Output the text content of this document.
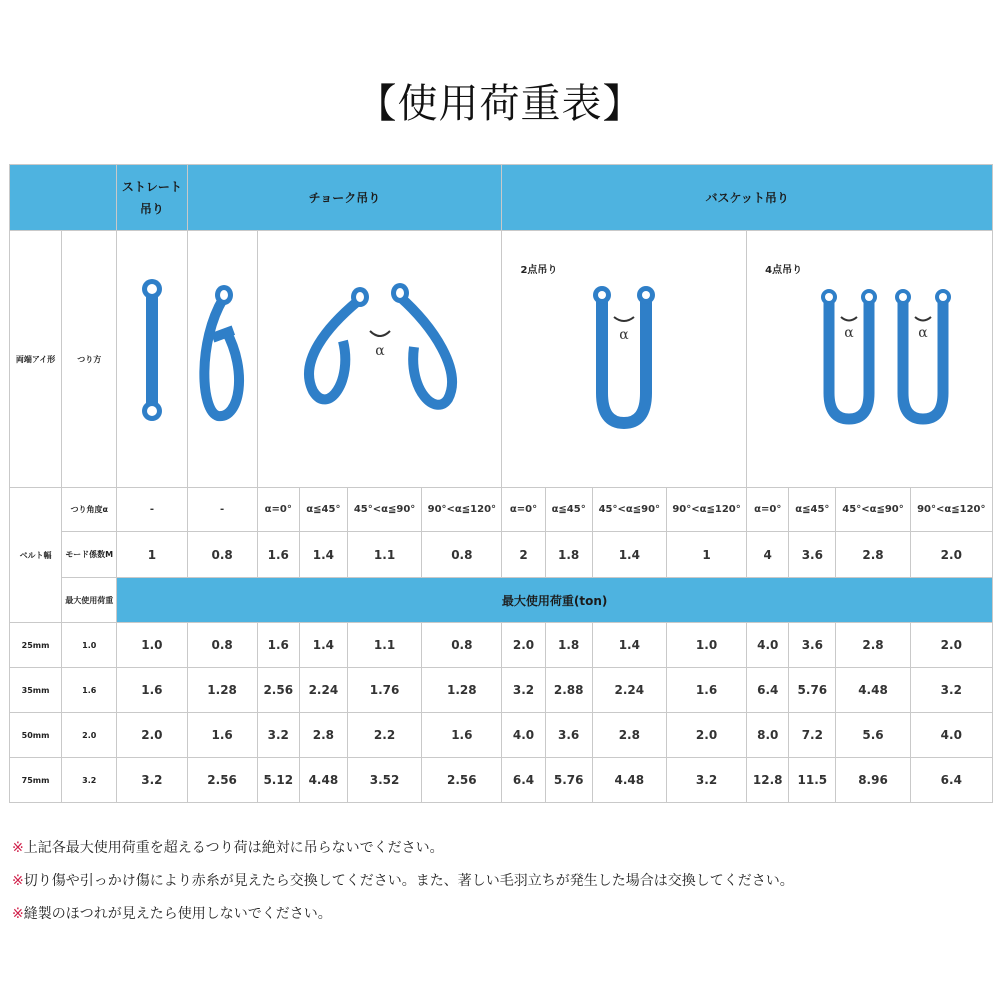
【使用荷重表】
		ストレート吊り	チョーク吊り					バスケット吊り							
両端アイ形	つり方			α				2点吊り
α				4点吊り
α α			

ベルト幅	つり角度α	-	-	α=0°	α≦45°	45°<α≦90°	90°<α≦120°	α=0°	α≦45°	45°<α≦90°	90°<α≦120°	α=0°	α≦45°	45°<α≦90°	90°<α≦120°
	モード係数M	1	0.8	1.6	1.4	1.1	0.8	2	1.8	1.4	1	4	3.6	2.8	2.0
	最大使用荷重	最大使用荷重(ton)													
25mm	1.0	1.0	0.8	1.6	1.4	1.1	0.8	2.0	1.8	1.4	1.0	4.0	3.6	2.8	2.0
35mm	1.6	1.6	1.28	2.56	2.24	1.76	1.28	3.2	2.88	2.24	1.6	6.4	5.76	4.48	3.2
50mm	2.0	2.0	1.6	3.2	2.8	2.2	1.6	4.0	3.6	2.8	2.0	8.0	7.2	5.6	4.0
75mm	3.2	3.2	2.56	5.12	4.48	3.52	2.56	6.4	5.76	4.48	3.2	12.8	11.5	8.96	6.4
※上記各最大使用荷重を超えるつり荷は絶対に吊らないでください。
※切り傷や引っかけ傷により赤糸が見えたら交換してください。また、著しい毛羽立ちが発生した場合は交換してください。
※縫製のほつれが見えたら使用しないでください。
